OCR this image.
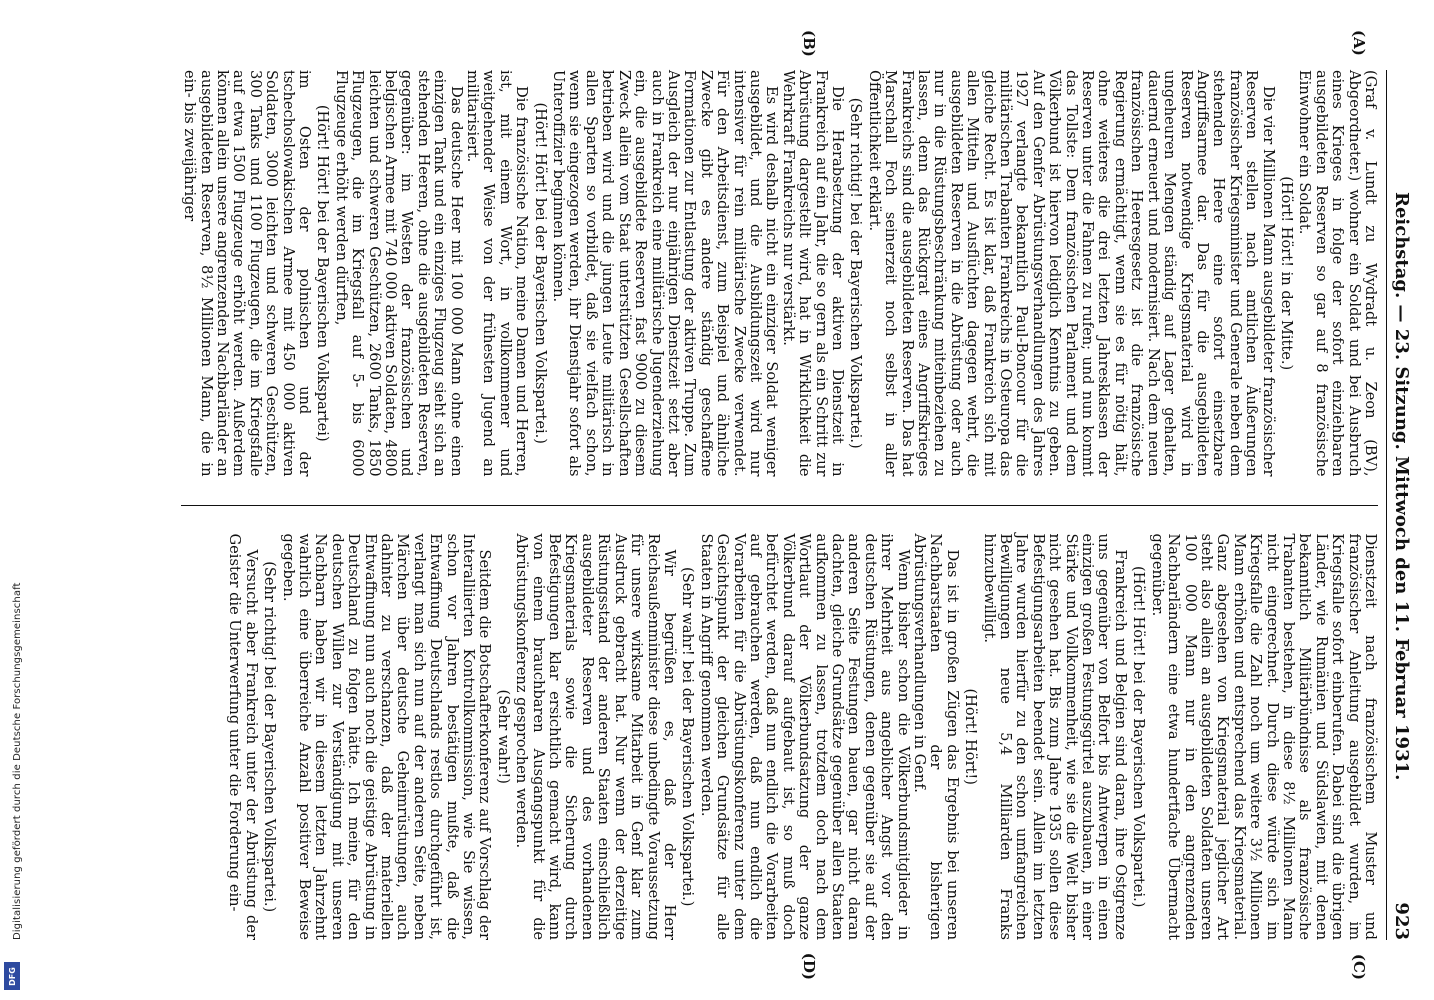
Digitalisierung gefördert durch die Deutsche Forschungsgemeinschaft
DFG
Reichstag. — 23. Sitzung. Mittwoch den 11. Februar 1931.
923
(A)
(B)

(Graf v. Lundt zu Wydradt u. Zeon (BV), Abgeordneter.) wohner ein Soldat und bei Ausbruch eines Krieges in folge der sofort einziehbaren ausgebildeten Reserven so gar auf 8 französische Einwohner ein Soldat.

(Hört! Hört! in der Mitte.)

Die vier Millionen Mann ausgebildeter französischer Reserven stellen nach amtlichen Äußerungen französischer Kriegsminister und Generale neben dem stehenden Heere eine sofort einsetzbare Angriffsarmee dar. Das für die ausgebildeten Reserven notwendige Kriegsmaterial wird in ungeheuren Mengen ständig auf Lager gehalten, dauernd erneuert und modernisiert. Nach dem neuen französischen Heeresgesetz ist die französische Regierung ermächtigt, wenn sie es für nötig hält, ohne weiteres die drei letzten Jahresklassen der Reserven unter die Fahnen zu rufen; und nun kommt das Tollste: Dem französischen Parlament und dem Völkerbund ist hiervon lediglich Kenntnis zu geben. Auf den Genfer Abrüstungsverhandlungen des Jahres 1927 verlangte bekanntlich Paul-Boncour für die militärischen Trabanten Frankreichs in Osteuropa das gleiche Recht. Es ist klar, daß Frankreich sich mit allen Mitteln und Ausflüchten dagegen wehrt, die ausgebildeten Reserven in die Abrüstung oder auch nur in die Rüstungsbeschränkung miteinbeziehen zu lassen, denn das Rückgrat eines Angriffskrieges Frankreichs sind die ausgebildeten Reserven. Das hat Marschall Foch seinerzeit noch selbst in aller Öffentlichkeit erklärt.

(Sehr richtig! bei der Bayerischen Volkspartei.)

Die Herabsetzung der aktiven Dienstzeit in Frankreich auf ein Jahr, die so gern als ein Schritt zur Abrüstung dargestellt wird, hat in Wirklichkeit die Wehrkraft Frankreichs nur verstärkt.

Es wird deshalb nicht ein einziger Soldat weniger ausgebildet, und die Ausbildungszeit wird nur intensiver für rein militärische Zwecke verwendet. Für den Arbeitsdienst, zum Beispiel und ähnliche Zwecke gibt es andere ständig geschaffene Formationen zur Entlastung der aktiven Truppe. Zum Ausgleich der nur einjährigen Dienstzeit setzt aber auch in Frankreich eine militärische Jugenderziehung ein, die ausgebildete Reserven fast 9000 zu diesem Zweck allein vom Staat unterstützten Gesellschaften betrieben wird und die jungen Leute militärisch in allen Sparten so vorbildet, daß sie vielfach schon, wenn sie eingezogen werden, ihr Dienstjahr sofort als Unteroffizier beginnen können.

(Hört! Hört! bei der Bayerischen Volkspartei.)

Die französische Nation, meine Damen und Herren, ist, mit einem Wort, in vollkommener und weitgehender Weise von der frühesten Jugend an militarisiert.

Das deutsche Heer mit 100 000 Mann ohne einen einzigen Tank und ein einziges Flugzeug sieht sich an stehenden Heeren, ohne die ausgebildeten Reserven, gegenüber: im Westen der französischen und belgischen Armee mit 740 000 aktiven Soldaten, 4800 leichten und schweren Geschützen, 2600 Tanks, 1850 Flugzeugen, die im Kriegsfall auf 5- bis 6000 Flugzeuge erhöht werden dürften,

(Hört! Hört! bei der Bayerischen Volkspartei)

im Osten der polnischen und der tschechoslowakischen Armee mit 450 000 aktiven Soldaten, 3000 leichten und schweren Geschützen, 300 Tanks und 1100 Flugzeugen, die im Kriegsfalle auf etwa 1500 Flugzeuge erhöht werden. Außerdem können allein unsere angrenzenden Nachbarländer an ausgebildeten Reserven, 8½ Millionen Mann, die in ein- bis zweijähriger

Dienstzeit nach französischem Muster und französischer Anleitung ausgebildet wurden, im Kriegsfalle sofort einberufen. Dabei sind die übrigen Länder, wie Rumänien und Südslawien, mit denen bekanntlich Militärbündnisse als französische Trabanten bestehen, in diese 8½ Millionen Mann nicht eingerechnet. Durch diese würde sich im Kriegsfalle die Zahl noch um weitere 3½ Millionen Mann erhöhen und entsprechend das Kriegsmaterial. Ganz abgesehen von Kriegsmaterial jeglicher Art steht also allein an ausgebildeten Soldaten unseren 100 000 Mann nur in den angrenzenden Nachbarländern eine etwa hundertfache Übermacht gegenüber.

(Hört! Hört! bei der Bayerischen Volkspartei.)

Frankreich und Belgien sind daran, ihre Ostgrenze uns gegenüber von Belfort bis Antwerpen in einen einzigen großen Festungsgürtel auszubauen, in einer Stärke und Vollkommenheit, wie sie die Welt bisher nicht gesehen hat. Bis zum Jahre 1935 sollen diese Befestigungsarbeiten beendet sein. Allein im letzten Jahre wurden hierfür zu den schon umfangreichen Bewilligungen neue 5,4 Milliarden Franks hinzubewilligt.

(Hört! Hört!)

Das ist in großen Zügen das Ergebnis bei unseren Nachbarstaaten der bisherigen Abrüstungsverhandlungen in Genf.

Wenn bisher schon die Völkerbundsmitglieder in ihrer Mehrheit aus angeblicher Angst vor den deutschen Rüstungen, denen gegenüber sie auf der anderen Seite Festungen bauen, gar nicht daran dachten, gleiche Grundsätze gegenüber allen Staaten aufkommen zu lassen, trotzdem doch nach dem Wortlaut der Völkerbundsatzung der ganze Völkerbund darauf aufgebaut ist, so muß doch befürchtet werden, daß nun endlich die Vorarbeiten auf gebrauchen werden, daß nun endlich die Vorarbeiten für die Abrüstungskonferenz unter dem Gesichtspunkt der gleichen Grundsätze für alle Staaten in Angriff genommen werden.

(Sehr wahr! bei der Bayerischen Volkspartei.)

Wir begrüßen es, daß der Herr Reichsaußenminister diese unbedingte Voraussetzung für unsere wirksame Mitarbeit in Genf klar zum Ausdruck gebracht hat. Nur wenn der derzeitige Rüstungsstand der anderen Staaten einschließlich ausgebildeter Reserven und des vorhandenen Kriegsmaterials sowie die Sicherung durch Befestigungen klar ersichtlich gemacht wird, kann von einem brauchbaren Ausgangspunkt für die Abrüstungskonferenz gesprochen werden.

(Sehr wahr!)

Seitdem die Botschafterkonferenz auf Vorschlag der Interalliierten Kontrollkommission, wie Sie wissen, schon vor Jahren bestätigen mußte, daß die Entwaffnung Deutschlands restlos durchgeführt ist, verlangt man sich nun auf der anderen Seite, neben Märchen über deutsche Geheimrüstungen, auch dahinter zu verschanzen, daß der materiellen Entwaffnung nun auch noch die geistige Abrüstung in Deutschland zu folgen hätte. Ich meine, für den deutschen Willen zur Verständigung mit unseren Nachbarn haben wir in diesem letzten Jahrzehnt wahrlich eine überreiche Anzahl positiver Beweise gegeben.

(Sehr richtig! bei der Bayerischen Volkspartei.)

Versucht aber Frankreich unter der Abrüstung der Geister die Unterwerfung unter die Forderung ein-

(C)
(D)
